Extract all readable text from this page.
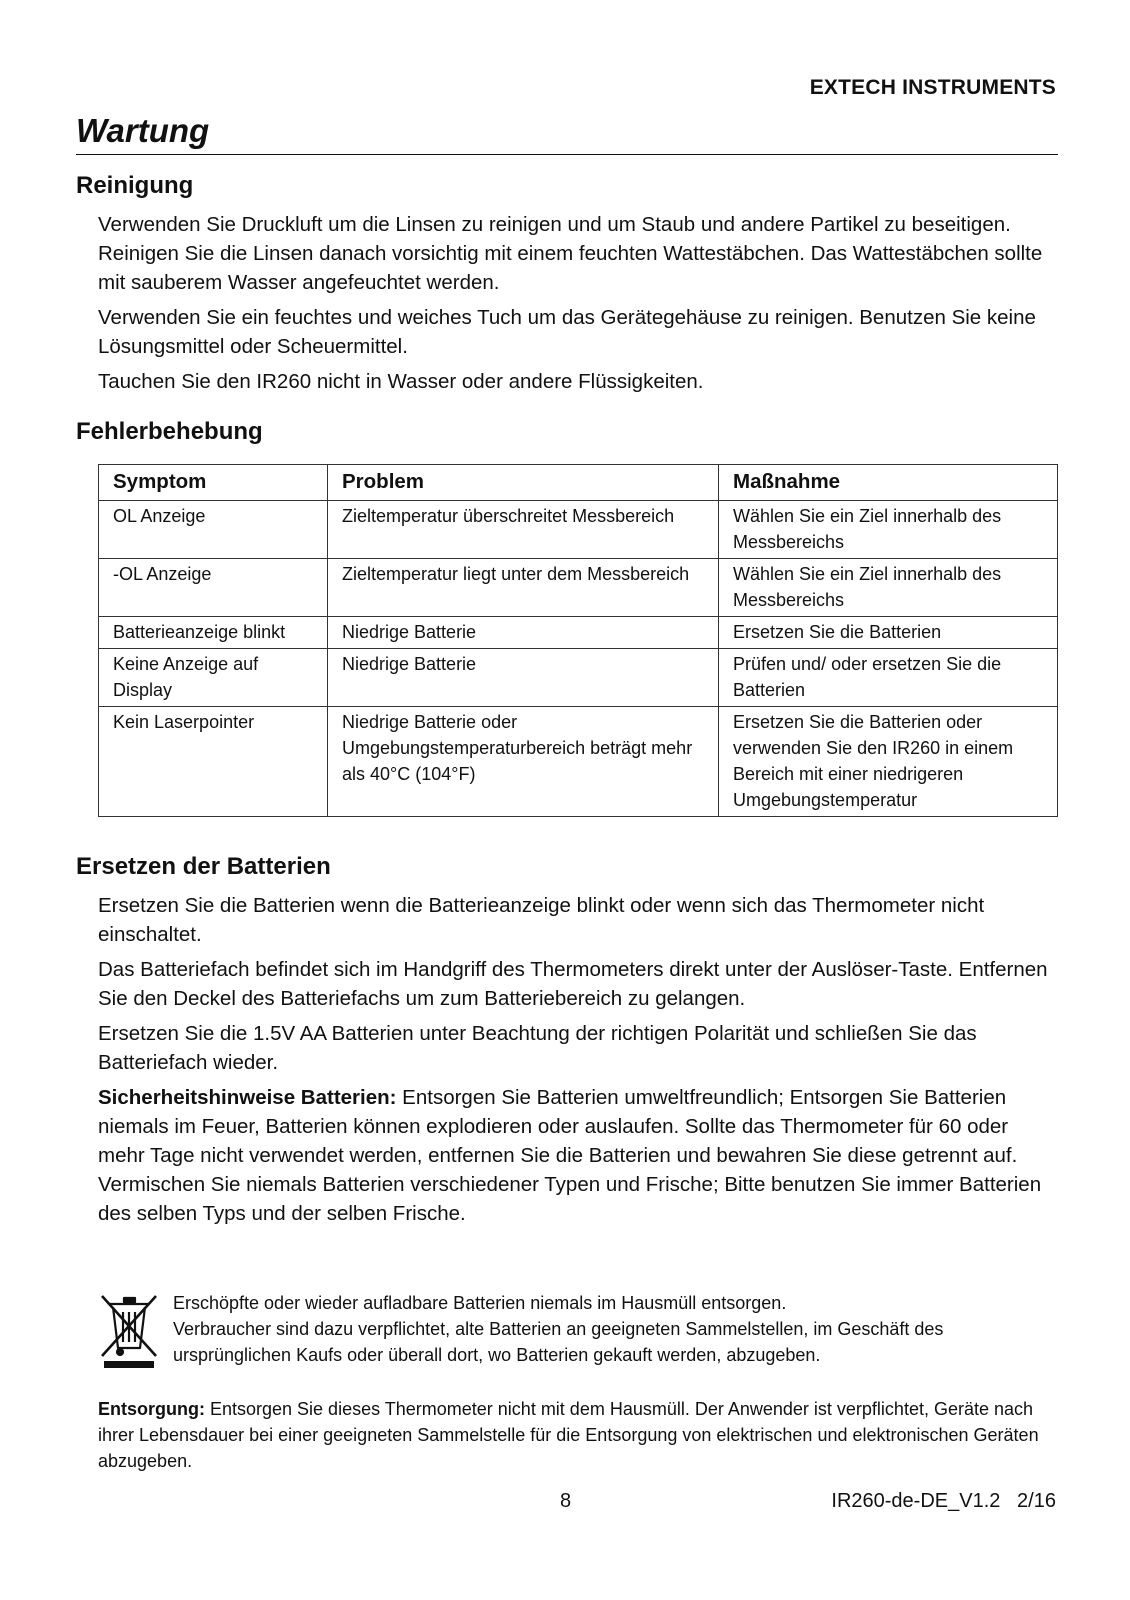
EXTECH INSTRUMENTS
Wartung
Reinigung

Verwenden Sie Druckluft um die Linsen zu reinigen und um Staub und andere Partikel zu beseitigen. Reinigen Sie die Linsen danach vorsichtig mit einem feuchten Wattestäbchen. Das Wattestäbchen sollte mit sauberem Wasser angefeuchtet werden.

Verwenden Sie ein feuchtes und weiches Tuch um das Gerätegehäuse zu reinigen. Benutzen Sie keine Lösungsmittel oder Scheuermittel.

Tauchen Sie den IR260 nicht in Wasser oder andere Flüssigkeiten.

Fehlerbehebung
Symptom	Problem	Maßnahme
OL Anzeige	Zieltemperatur überschreitet Messbereich	Wählen Sie ein Ziel innerhalb des Messbereichs
-OL Anzeige	Zieltemperatur liegt unter dem Messbereich	Wählen Sie ein Ziel innerhalb des Messbereichs
Batterieanzeige blinkt	Niedrige Batterie	Ersetzen Sie die Batterien
Keine Anzeige auf Display	Niedrige Batterie	Prüfen und/ oder ersetzen Sie die Batterien
Kein Laserpointer	Niedrige Batterie oder Umgebungstemperaturbereich beträgt mehr als 40°C (104°F)	Ersetzen Sie die Batterien oder verwenden Sie den IR260 in einem Bereich mit einer niedrigeren Umgebungstemperatur
Ersetzen der Batterien

Ersetzen Sie die Batterien wenn die Batterieanzeige blinkt oder wenn sich das Thermometer nicht einschaltet.

Das Batteriefach befindet sich im Handgriff des Thermometers direkt unter der Auslöser-Taste. Entfernen Sie den Deckel des Batteriefachs um zum Batteriebereich zu gelangen.

Ersetzen Sie die 1.5V AA Batterien unter Beachtung der richtigen Polarität und schließen Sie das Batteriefach wieder.

Sicherheitshinweise Batterien: Entsorgen Sie Batterien umweltfreundlich; Entsorgen Sie Batterien niemals im Feuer, Batterien können explodieren oder auslaufen. Sollte das Thermometer für 60 oder mehr Tage nicht verwendet werden, entfernen Sie die Batterien und bewahren Sie diese getrennt auf. Vermischen Sie niemals Batterien verschiedener Typen und Frische; Bitte benutzen Sie immer Batterien des selben Typs und der selben Frische.

Erschöpfte oder wieder aufladbare Batterien niemals im Hausmüll entsorgen.
Verbraucher sind dazu verpflichtet, alte Batterien an geeigneten Sammelstellen, im Geschäft des ursprünglichen Kaufs oder überall dort, wo Batterien gekauft werden, abzugeben.
Entsorgung: Entsorgen Sie dieses Thermometer nicht mit dem Hausmüll. Der Anwender ist verpflichtet, Geräte nach ihrer Lebensdauer bei einer geeigneten Sammelstelle für die Entsorgung von elektrischen und elektronischen Geräten abzugeben.
8	IR260-de-DE_V1.2   2/16
